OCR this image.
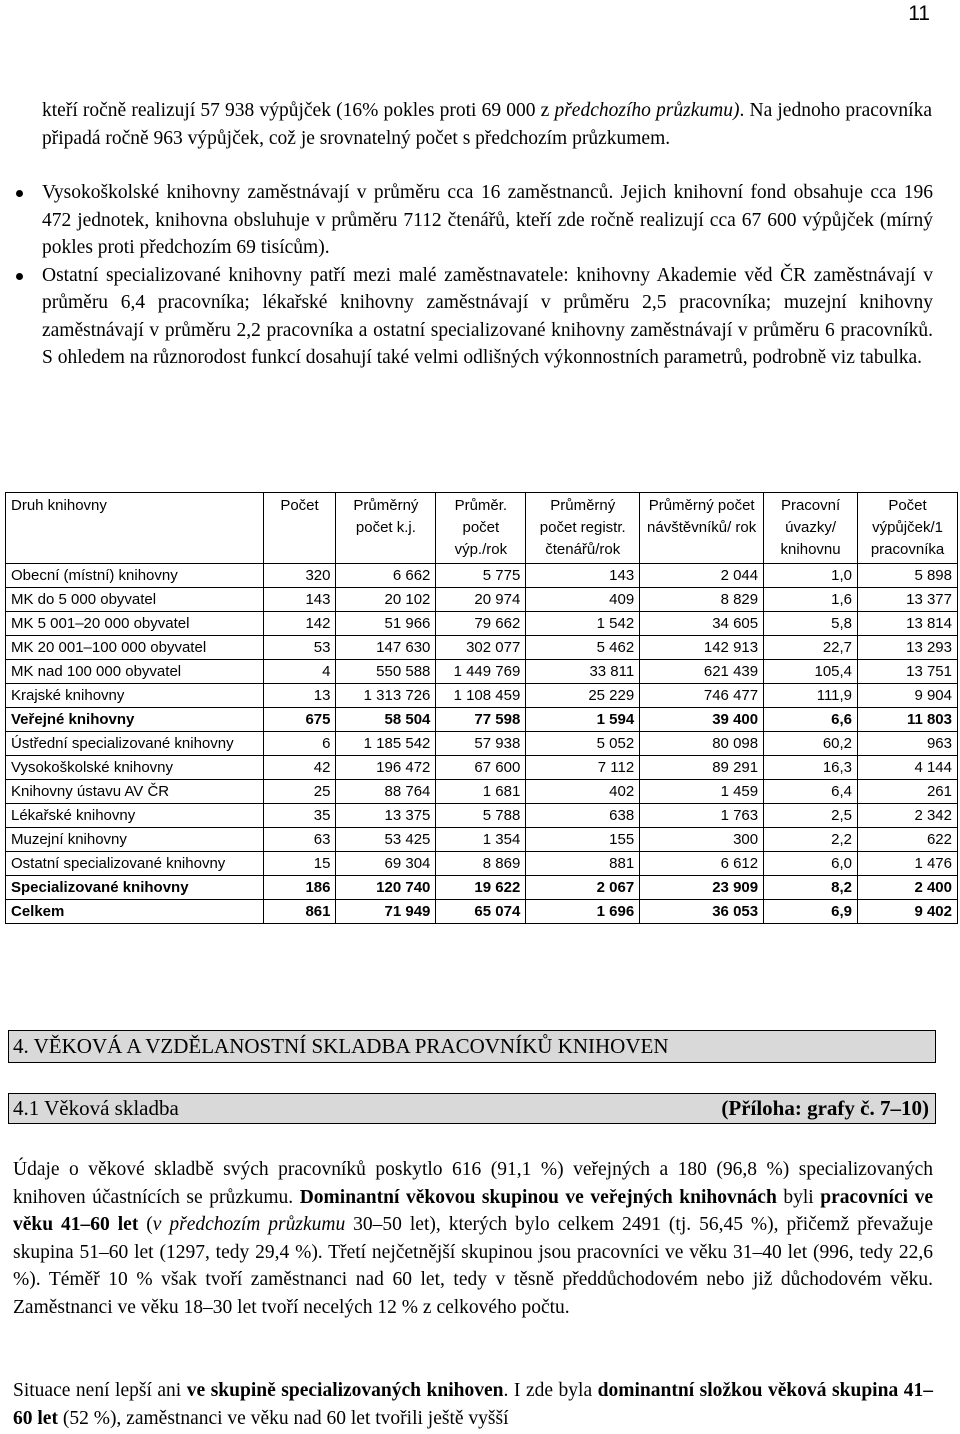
11

kteří ročně realizují 57 938 výpůjček (16% pokles proti 69 000 z předchozího průzkumu). Na jednoho pracovníka připadá ročně 963 výpůjček, což je srovnatelný počet s předchozím průzkumem.

Vysokoškolské knihovny zaměstnávají v průměru cca 16 zaměstnanců. Jejich knihovní fond obsahuje cca 196 472 jednotek, knihovna obsluhuje v průměru 7112 čtenářů, kteří zde ročně realizují cca 67 600 výpůjček (mírný pokles proti předchozím 69 tisícům).
Ostatní specializované knihovny patří mezi malé zaměstnavatele: knihovny Akademie věd ČR zaměstnávají v průměru 6,4 pracovníka; lékařské knihovny zaměstnávají v průměru 2,5 pracovníka; muzejní knihovny zaměstnávají v průměru 2,2 pracovníka a ostatní specializované knihovny zaměstnávají v průměru 6 pracovníků. S ohledem na různorodost funkcí dosahují také velmi odlišných výkonnostních parametrů, podrobně viz tabulka.
Druh knihovny	Počet	Průměrný počet k.j.	Průměr. počet výp./rok	Průměrný počet registr. čtenářů/rok	Průměrný počet návštěvníků/ rok	Pracovní úvazky/ knihovnu	Počet výpůjček/1 pracovníka
Obecní (místní) knihovny	320	6 662	5 775	143	2 044	1,0	5 898
MK do 5 000 obyvatel	143	20 102	20 974	409	8 829	1,6	13 377
MK 5 001–20 000 obyvatel	142	51 966	79 662	1 542	34 605	5,8	13 814
MK 20 001–100 000 obyvatel	53	147 630	302 077	5 462	142 913	22,7	13 293
MK nad 100 000 obyvatel	4	550 588	1 449 769	33 811	621 439	105,4	13 751
Krajské knihovny	13	1 313 726	1 108 459	25 229	746 477	111,9	9 904
Veřejné knihovny	675	58 504	77 598	1 594	39 400	6,6	11 803
Ústřední specializované knihovny	6	1 185 542	57 938	5 052	80 098	60,2	963
Vysokoškolské knihovny	42	196 472	67 600	7 112	89 291	16,3	4 144
Knihovny ústavu AV ČR	25	88 764	1 681	402	1 459	6,4	261
Lékařské knihovny	35	13 375	5 788	638	1 763	2,5	2 342
Muzejní knihovny	63	53 425	1 354	155	300	2,2	622
Ostatní specializované knihovny	15	69 304	8 869	881	6 612	6,0	1 476
Specializované knihovny	186	120 740	19 622	2 067	23 909	8,2	2 400
Celkem	861	71 949	65 074	1 696	36 053	6,9	9 402
4. VĚKOVÁ A VZDĚLANOSTNÍ SKLADBA PRACOVNÍKŮ KNIHOVEN
4.1 Věková skladba	(Příloha: grafy č. 7–10)

Údaje o věkové skladbě svých pracovníků poskytlo 616 (91,1 %) veřejných a 180 (96,8 %) specializovaných knihoven účastnících se průzkumu. Dominantní věkovou skupinou ve veřejných knihovnách byli pracovníci ve věku 41–60 let (v předchozím průzkumu 30–50 let), kterých bylo celkem 2491 (tj. 56,45 %), přičemž převažuje skupina 51–60 let (1297, tedy 29,4 %). Třetí nejčetnější skupinou jsou pracovníci ve věku 31–40 let (996, tedy 22,6 %). Téměř 10 % však tvoří zaměstnanci nad 60 let, tedy v těsně předdůchodovém nebo již důchodovém věku. Zaměstnanci ve věku 18–30 let tvoří necelých 12 % z celkového počtu.

Situace není lepší ani ve skupině specializovaných knihoven. I zde byla dominantní složkou věková skupina 41–60 let (52 %), zaměstnanci ve věku nad 60 let tvořili ještě vyšší
